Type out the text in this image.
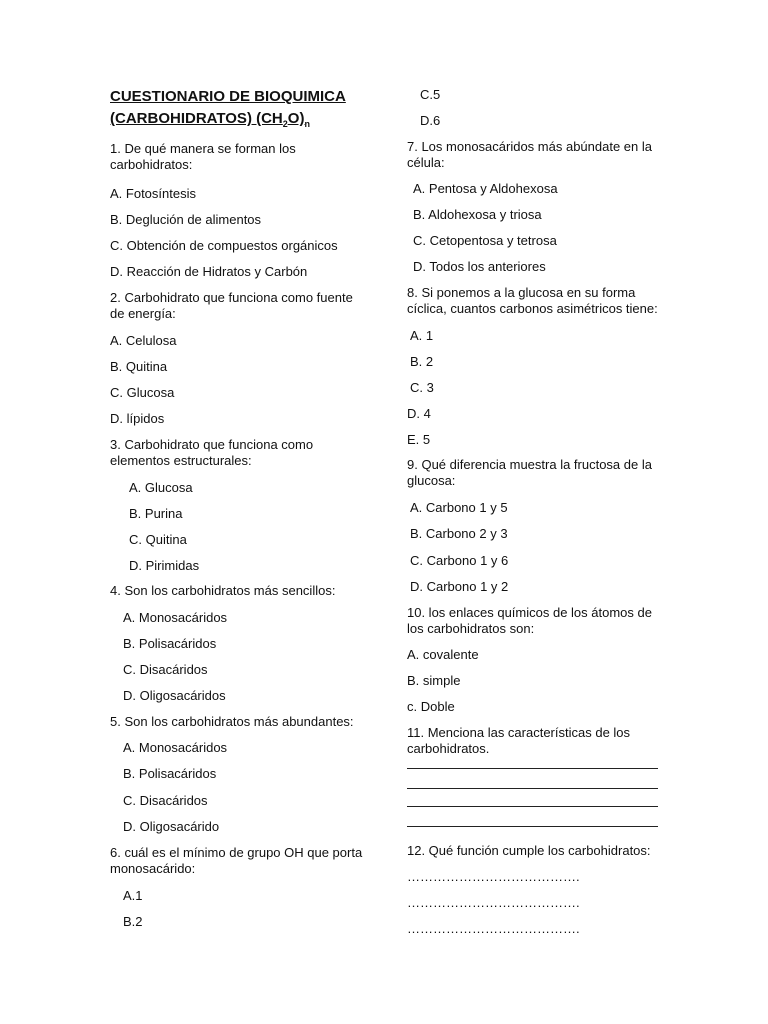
CUESTIONARIO DE BIOQUIMICA
(CARBOHIDRATOS) $(CH_2O)_n$
1. De qué manera se forman los carbohidratos:
A. Fotosíntesis
B. Deglución de alimentos
C. Obtención de compuestos orgánicos
D. Reacción de Hidratos y Carbón
2. Carbohidrato que funciona como fuente de energía:
A. Celulosa
B. Quitina
C. Glucosa
D. lípidos
3. Carbohidrato que funciona como elementos estructurales:
A. Glucosa
B. Purina
C. Quitina
D. Pirimidas
4. Son los carbohidratos más sencillos:
A. Monosacáridos
B. Polisacáridos
C. Disacáridos
D. Oligosacáridos
5. Son los carbohidratos más abundantes:
A. Monosacáridos
B. Polisacáridos
C. Disacáridos
D. Oligosacárido
6. cuál es el mínimo de grupo OH que porta monosacárido:
A.1
B.2
C.5
D.6
7. Los monosacáridos más abúndate en la célula:
A. Pentosa y Aldohexosa
B. Aldohexosa y triosa
C. Cetopentosa y tetrosa
D. Todos los anteriores
8. Si ponemos a la glucosa en su forma cíclica, cuantos carbonos asimétricos tiene:
A. 1
B. 2
C. 3
D. 4
E. 5
9. Qué diferencia muestra la fructosa de la glucosa:
A. Carbono 1 y 5
B. Carbono 2 y 3
C. Carbono 1 y 6
D. Carbono 1 y 2
10. los enlaces químicos de los átomos de los carbohidratos son:
A. covalente
B. simple
c. Doble
11. Menciona las características de los carbohidratos.
12. Qué función cumple los carbohidratos:
………………………………….
………………………………….
………………………………….
